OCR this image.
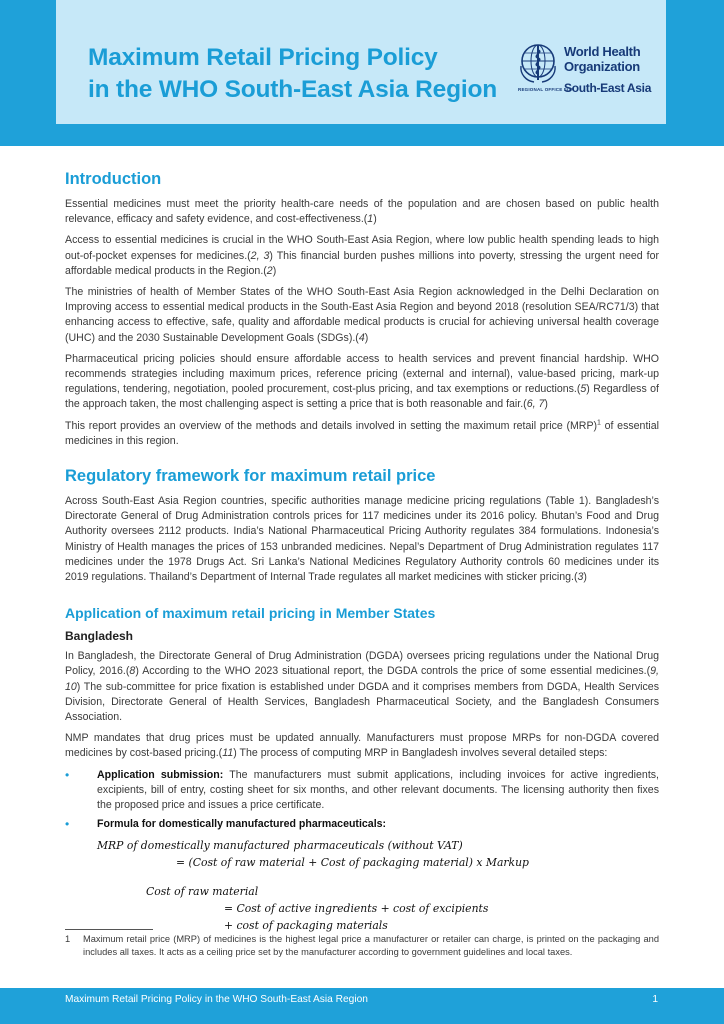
Maximum Retail Pricing Policy
in the WHO South-East Asia Region
World Health
Organization
REGIONAL OFFICE FOR
South-East Asia
Introduction

Essential medicines must meet the priority health-care needs of the population and are chosen based on public health relevance, efficacy and safety evidence, and cost-effectiveness.(1)

Access to essential medicines is crucial in the WHO South-East Asia Region, where low public health spending leads to high out-of-pocket expenses for medicines.(2, 3) This financial burden pushes millions into poverty, stressing the urgent need for affordable medical products in the Region.(2)

The ministries of health of Member States of the WHO South-East Asia Region acknowledged in the Delhi Declaration on Improving access to essential medical products in the South-East Asia Region and beyond 2018 (resolution SEA/RC71/3) that enhancing access to effective, safe, quality and affordable medical products is crucial for achieving universal health coverage (UHC) and the 2030 Sustainable Development Goals (SDGs).(4)

Pharmaceutical pricing policies should ensure affordable access to health services and prevent financial hardship. WHO recommends strategies including maximum prices, reference pricing (external and internal), value-based pricing, mark-up regulations, tendering, negotiation, pooled procurement, cost-plus pricing, and tax exemptions or reductions.(5) Regardless of the approach taken, the most challenging aspect is setting a price that is both reasonable and fair.(6, 7)

This report provides an overview of the methods and details involved in setting the maximum retail price (MRP)$^1$ of essential medicines in this region.

Regulatory framework for maximum retail price

Across South-East Asia Region countries, specific authorities manage medicine pricing regulations (Table 1). Bangladesh’s Directorate General of Drug Administration controls prices for 117 medicines under its 2016 policy. Bhutan’s Food and Drug Authority oversees 2112 products. India’s National Pharmaceutical Pricing Authority regulates 384 formulations. Indonesia’s Ministry of Health manages the prices of 153 unbranded medicines. Nepal’s Department of Drug Administration regulates 117 medicines under the 1978 Drugs Act. Sri Lanka’s National Medicines Regulatory Authority controls 60 medicines under its 2019 regulations. Thailand’s Department of Internal Trade regulates all market medicines with sticker pricing.(3)

Application of maximum retail pricing in Member States
Bangladesh

In Bangladesh, the Directorate General of Drug Administration (DGDA) oversees pricing regulations under the National Drug Policy, 2016.(8) According to the WHO 2023 situational report, the DGDA controls the price of some essential medicines.(9, 10) The sub-committee for price fixation is established under DGDA and it comprises members from DGDA, Health Services Division, Directorate General of Health Services, Bangladesh Pharmaceutical Society, and the Bangladesh Consumers Association.

NMP mandates that drug prices must be updated annually. Manufacturers must propose MRPs for non-DGDA covered medicines by cost-based pricing.(11) The process of computing MRP in Bangladesh involves several detailed steps:

• Application submission: The manufacturers must submit applications, including invoices for active ingredients, excipients, bill of entry, costing sheet for six months, and other relevant documents. The licensing authority then fixes the proposed price and issues a price certificate.
• Formula for domestically manufactured pharmaceuticals:
MRP of domestically manufactured pharmaceuticals (without VAT)
= (Cost of raw material + Cost of packaging material) x Markup
Cost of raw material
= Cost of active ingredients + cost of excipients
+ cost of packaging materials
1	Maximum retail price (MRP) of medicines is the highest legal price a manufacturer or retailer can charge, is printed on the packaging and includes all taxes. It acts as a ceiling price set by the manufacturer according to government guidelines and local taxes.
Maximum Retail Pricing Policy in the WHO South-East Asia Region	1
